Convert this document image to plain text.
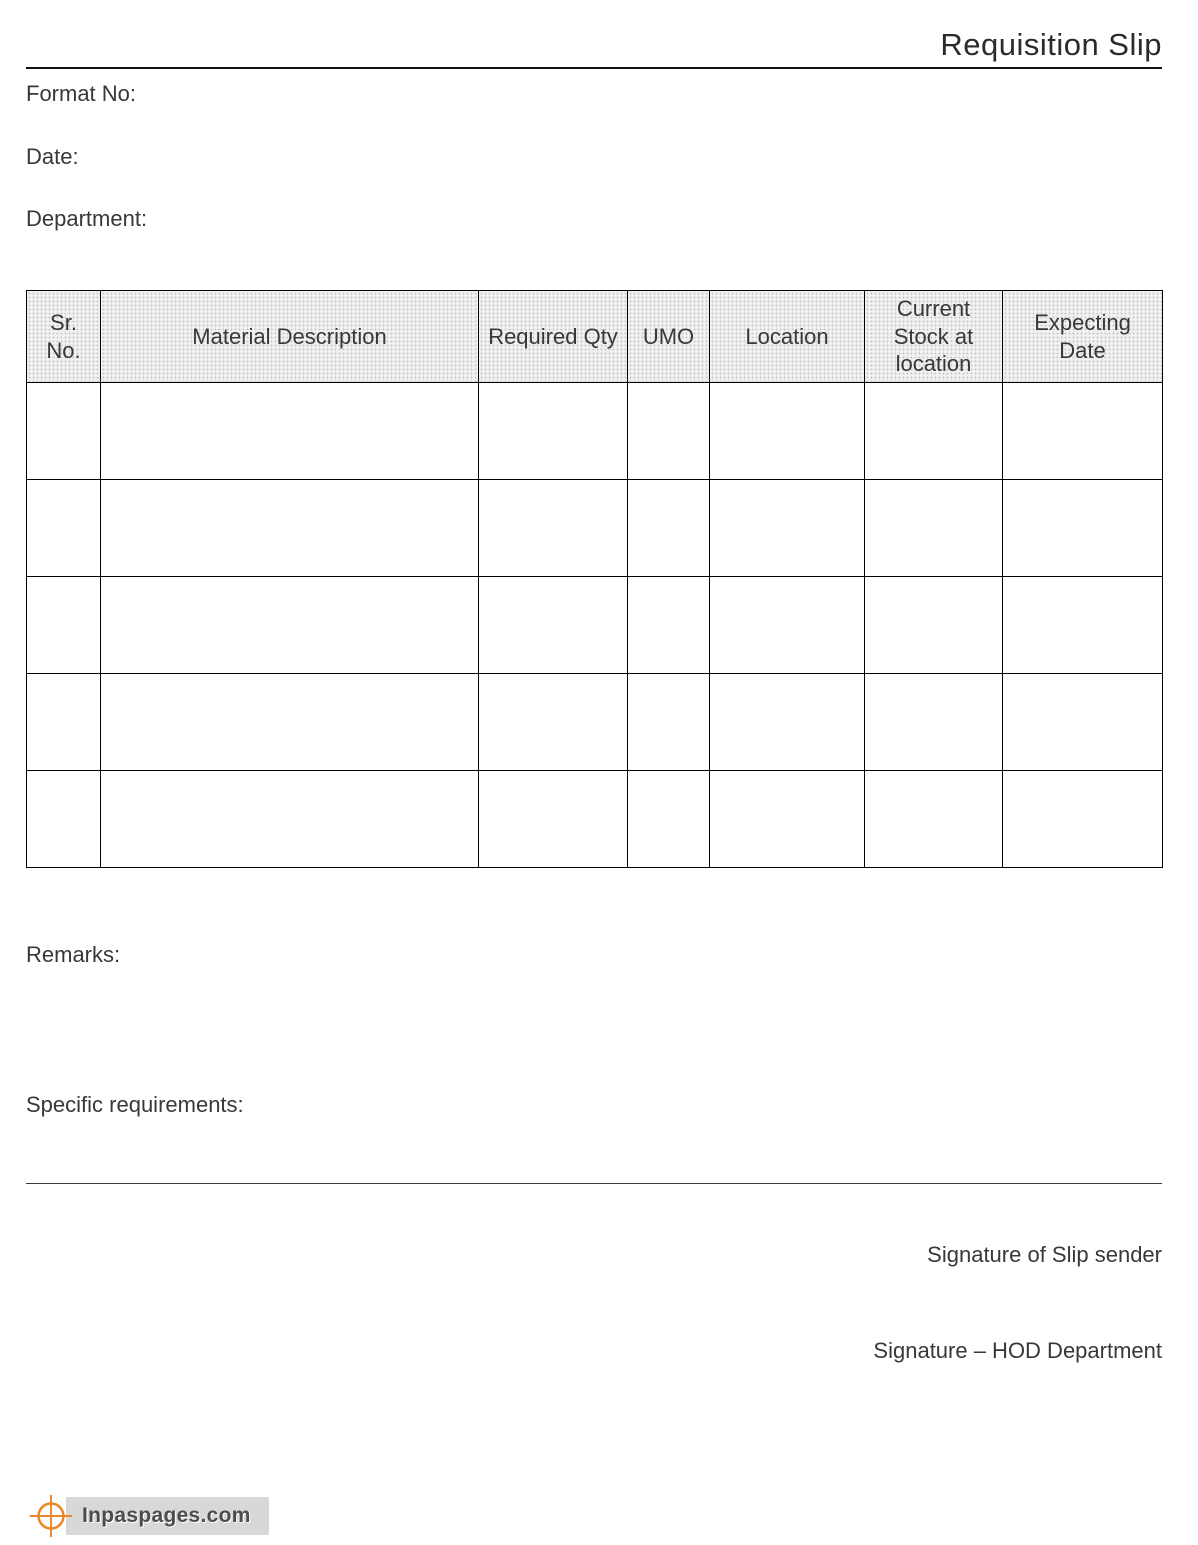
Requisition Slip
Format No:
Date:
Department:
Sr. No.	Material Description	Required Qty	UMO	Location	Current Stock at location	Expecting Date

Remarks:
Specific requirements:
Signature of Slip sender
Signature – HOD Department
Inpaspages.com
